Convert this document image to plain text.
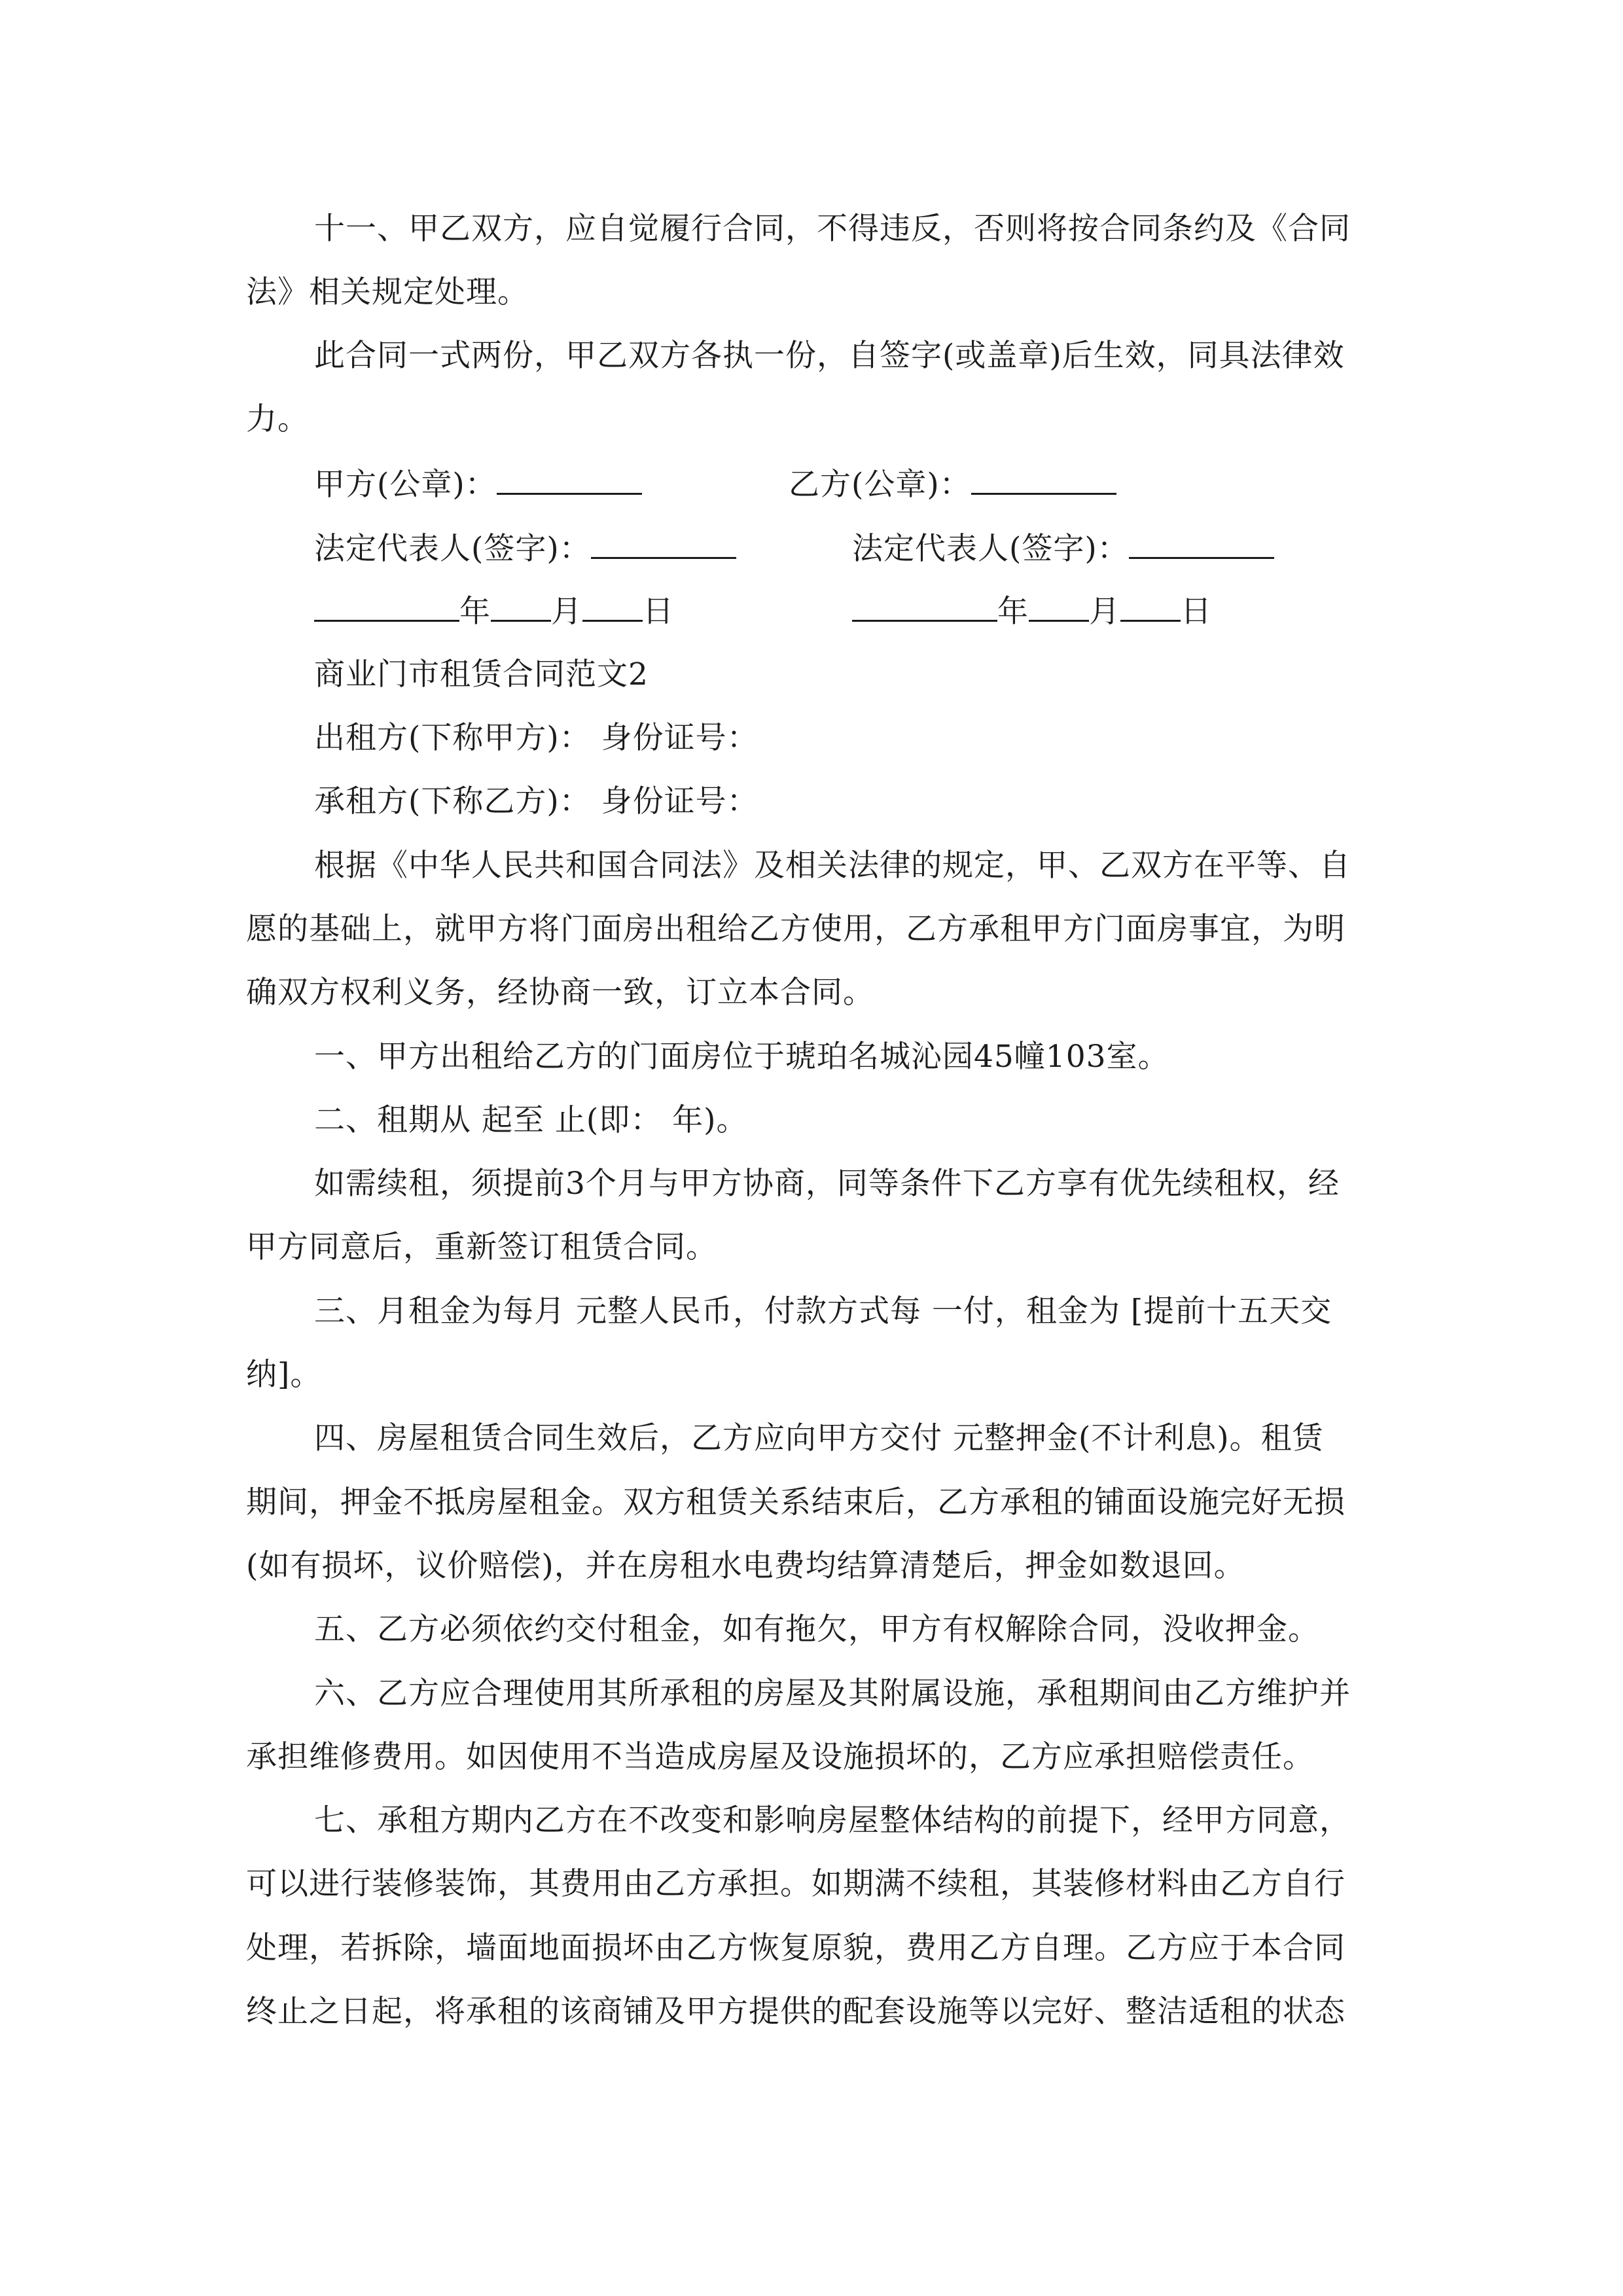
十一、甲乙双方，应自觉履行合同，不得违反，否则将按合同条约及《合同
法》相关规定处理。
此合同一式两份，甲乙双方各执一份，自签字(或盖章)后生效，同具法律效
力。
甲方(公章)：	乙方(公章)：
法定代表人(签字)：	法定代表人(签字)：
年 月 日	年 月 日
商业门市租赁合同范文2
出租方(下称甲方)： 身份证号：
承租方(下称乙方)： 身份证号：
根据《中华人民共和国合同法》及相关法律的规定，甲、乙双方在平等、自
愿的基础上，就甲方将门面房出租给乙方使用，乙方承租甲方门面房事宜，为明
确双方权利义务，经协商一致，订立本合同。
一、甲方出租给乙方的门面房位于琥珀名城沁园45幢103室。
二、租期从 起至 止(即： 年)。
如需续租，须提前3个月与甲方协商，同等条件下乙方享有优先续租权，经
甲方同意后，重新签订租赁合同。
三、月租金为每月 元整人民币，付款方式每 一付，租金为 [提前十五天交
纳]。
四、房屋租赁合同生效后，乙方应向甲方交付 元整押金(不计利息)。租赁
期间，押金不抵房屋租金。双方租赁关系结束后，乙方承租的铺面设施完好无损
(如有损坏，议价赔偿)，并在房租水电费均结算清楚后，押金如数退回。
五、乙方必须依约交付租金，如有拖欠，甲方有权解除合同，没收押金。
六、乙方应合理使用其所承租的房屋及其附属设施，承租期间由乙方维护并
承担维修费用。如因使用不当造成房屋及设施损坏的，乙方应承担赔偿责任。
七、承租方期内乙方在不改变和影响房屋整体结构的前提下，经甲方同意，
可以进行装修装饰，其费用由乙方承担。如期满不续租，其装修材料由乙方自行
处理，若拆除，墙面地面损坏由乙方恢复原貌，费用乙方自理。乙方应于本合同
终止之日起，将承租的该商铺及甲方提供的配套设施等以完好、整洁适租的状态
